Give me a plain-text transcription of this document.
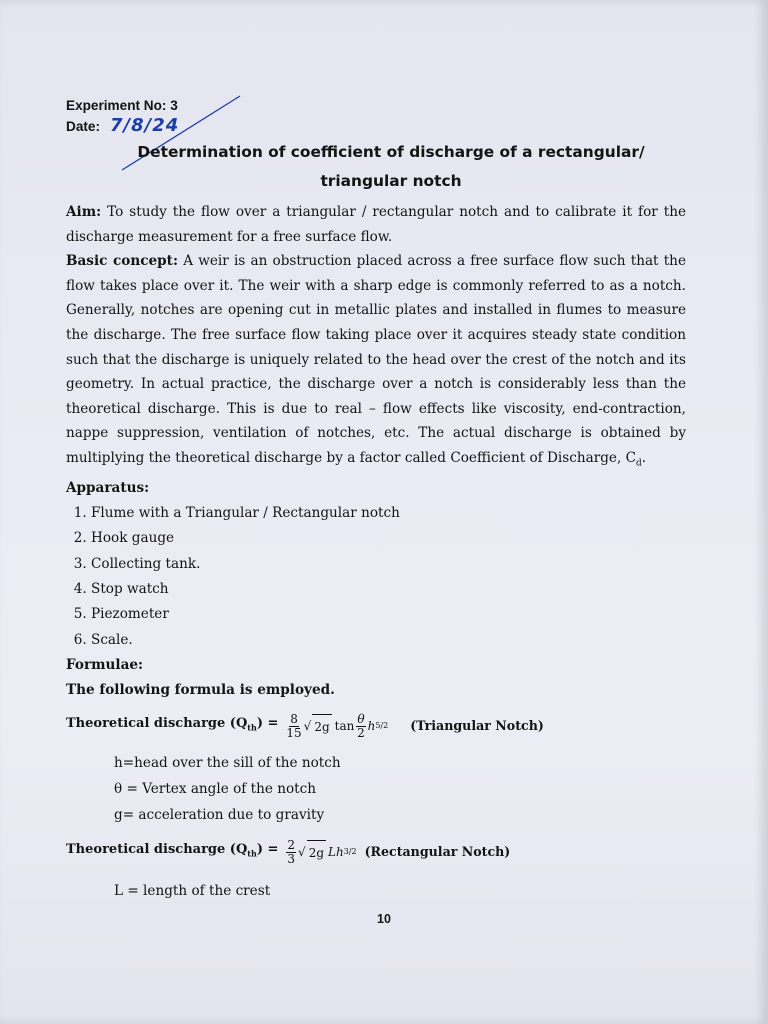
Experiment No: 3
Date: 7/8/24
Determination of coefficient of discharge of a rectangular/
triangular notch
Aim: To study the flow over a triangular / rectangular notch and to calibrate it for the discharge measurement for a free surface flow.
Basic concept: A weir is an obstruction placed across a free surface flow such that the flow takes place over it. The weir with a sharp edge is commonly referred to as a notch. Generally, notches are opening cut in metallic plates and installed in flumes to measure the discharge. The free surface flow taking place over it acquires steady state condition such that the discharge is uniquely related to the head over the crest of the notch and its geometry. In actual practice, the discharge over a notch is considerably less than the theoretical discharge. This is due to real – flow effects like viscosity, end-contraction, nappe suppression, ventilation of notches, etc. The actual discharge is obtained by multiplying the theoretical discharge by a factor called Coefficient of Discharge, $C_d$.
Apparatus:
1. Flume with a Triangular / Rectangular notch
2. Hook gauge
3. Collecting tank.
4. Stop watch
5. Piezometer
6. Scale.
Formulae:
The following formula is employed.
Theoretical discharge $(Q_{th}) = \frac{8}{15}$ √ 2g $\tan \frac{\theta}{2}$ h 5/2 (Triangular Notch)
h=head over the sill of the notch
θ = Vertex angle of the notch
g= acceleration due to gravity
Theoretical discharge $(Q_{th}) = \frac{2}{3}$ √ 2g Lh 3/2 (Rectangular Notch)
L = length of the crest
10
